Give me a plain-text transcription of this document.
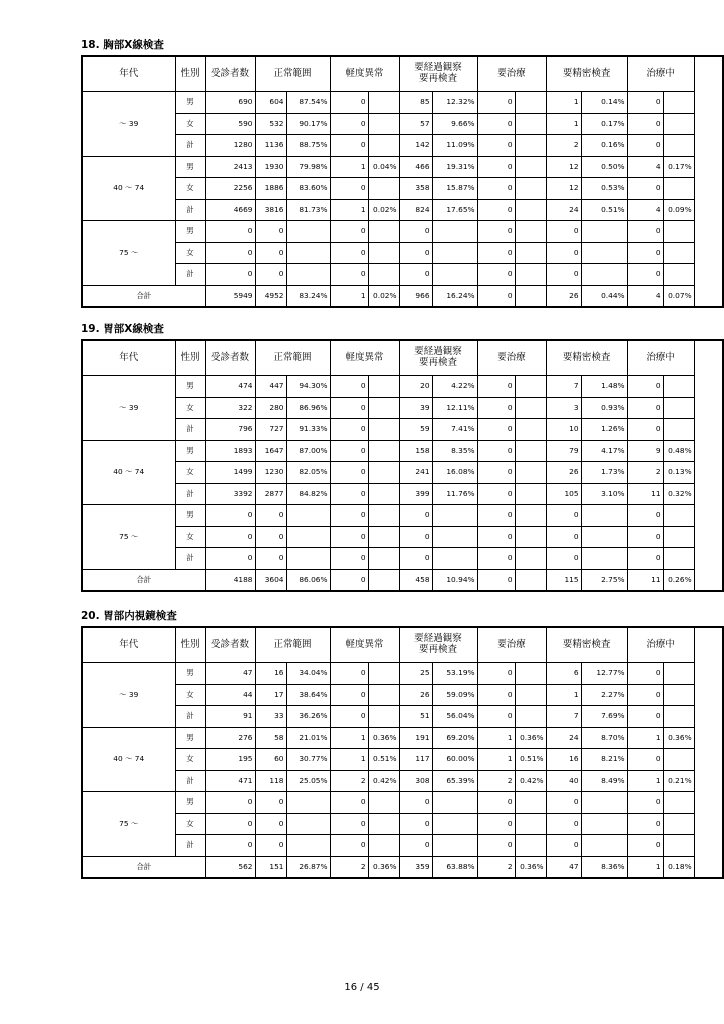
18. 胸部X線検査
年代	性別	受診者数	正常範囲		軽度異常		要経過観察
要再検査		要治療		要精密検査		治療中	
～ 39	男	690	604	87.54%	0		85	12.32%	0		1	0.14%	0	
	女	590	532	90.17%	0		57	9.66%	0		1	0.17%	0	
	計	1280	1136	88.75%	0		142	11.09%	0		2	0.16%	0	
40 ～ 74	男	2413	1930	79.98%	1	0.04%	466	19.31%	0		12	0.50%	4	0.17%
	女	2256	1886	83.60%	0		358	15.87%	0		12	0.53%	0	
	計	4669	3816	81.73%	1	0.02%	824	17.65%	0		24	0.51%	4	0.09%
75 ～	男	0	0		0		0		0		0		0	
	女	0	0		0		0		0		0		0	
	計	0	0		0		0		0		0		0	
合計		5949	4952	83.24%	1	0.02%	966	16.24%	0		26	0.44%	4	0.07%
19. 胃部X線検査
年代	性別	受診者数	正常範囲		軽度異常		要経過観察
要再検査		要治療		要精密検査		治療中	
～ 39	男	474	447	94.30%	0		20	4.22%	0		7	1.48%	0	
	女	322	280	86.96%	0		39	12.11%	0		3	0.93%	0	
	計	796	727	91.33%	0		59	7.41%	0		10	1.26%	0	
40 ～ 74	男	1893	1647	87.00%	0		158	8.35%	0		79	4.17%	9	0.48%
	女	1499	1230	82.05%	0		241	16.08%	0		26	1.73%	2	0.13%
	計	3392	2877	84.82%	0		399	11.76%	0		105	3.10%	11	0.32%
75 ～	男	0	0		0		0		0		0		0	
	女	0	0		0		0		0		0		0	
	計	0	0		0		0		0		0		0	
合計		4188	3604	86.06%	0		458	10.94%	0		115	2.75%	11	0.26%
20. 胃部内視鏡検査
年代	性別	受診者数	正常範囲		軽度異常		要経過観察
要再検査		要治療		要精密検査		治療中	
～ 39	男	47	16	34.04%	0		25	53.19%	0		6	12.77%	0	
	女	44	17	38.64%	0		26	59.09%	0		1	2.27%	0	
	計	91	33	36.26%	0		51	56.04%	0		7	7.69%	0	
40 ～ 74	男	276	58	21.01%	1	0.36%	191	69.20%	1	0.36%	24	8.70%	1	0.36%
	女	195	60	30.77%	1	0.51%	117	60.00%	1	0.51%	16	8.21%	0	
	計	471	118	25.05%	2	0.42%	308	65.39%	2	0.42%	40	8.49%	1	0.21%
75 ～	男	0	0		0		0		0		0		0	
	女	0	0		0		0		0		0		0	
	計	0	0		0		0		0		0		0	
合計		562	151	26.87%	2	0.36%	359	63.88%	2	0.36%	47	8.36%	1	0.18%
16 / 45
